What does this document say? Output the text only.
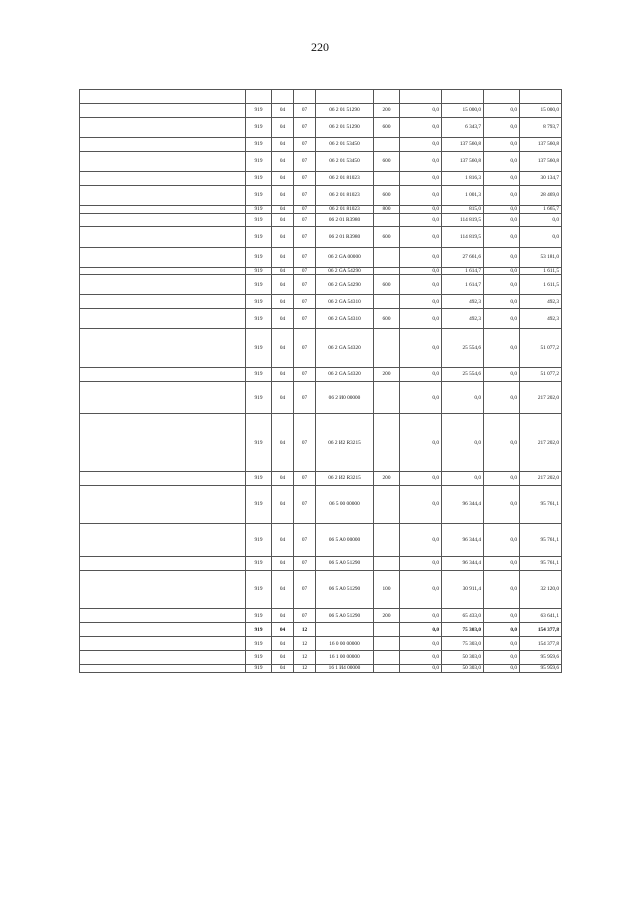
220

	919	04	07	06 2 01 51290	200	0,0	15 000,0	0,0	15 000,0
	919	04	07	06 2 01 51290	600	0,0	6 343,7	0,0	8 793,7
	919	04	07	06 2 01 53450		0,0	137 560,8	0,0	137 560,8
	919	04	07	06 2 01 53450	600	0,0	137 560,8	0,0	137 560,8
	919	04	07	06 2 01 81023		0,0	1 816,3	0,0	30 134,7
	919	04	07	06 2 01 81023	600	0,0	1 001,3	0,0	28 469,0
	919	04	07	06 2 01 81023	800	0,0	815,0	0,0	1 665,7
	919	04	07	06 2 01 R3980		0,0	114 819,5	0,0	0,0
	919	04	07	06 2 01 R3980	600	0,0	114 819,5	0,0	0,0
	919	04	07	06 2 GA 00000		0,0	27 661,6	0,0	53 181,0
	919	04	07	06 2 GA 54290		0,0	1 614,7	0,0	1 611,5
	919	04	07	06 2 GA 54290	600	0,0	1 614,7	0,0	1 611,5
	919	04	07	06 2 GA 54310		0,0	492,3	0,0	492,3
	919	04	07	06 2 GA 54310	600	0,0	492,3	0,0	492,3
	919	04	07	06 2 GA 54320		0,0	25 554,6	0,0	51 077,2
	919	04	07	06 2 GA 54320	200	0,0	25 554,6	0,0	51 077,2
	919	04	07	06 2 И0 00000		0,0	0,0	0,0	217 202,0
	919	04	07	06 2 И2 R3215		0,0	0,0	0,0	217 202,0
	919	04	07	06 2 И2 R3215	200	0,0	0,0	0,0	217 202,0
	919	04	07	06 5 00 00000		0,0	96 344,4	0,0	95 761,1
	919	04	07	06 5 A0 00000		0,0	96 344,4	0,0	95 761,1
	919	04	07	06 5 A0 51290		0,0	96 344,4	0,0	95 761,1
	919	04	07	06 5 A0 51290	100	0,0	30 911,4	0,0	32 120,0
	919	04	07	06 5 A0 51290	200	0,0	65 433,0	0,0	63 641,1
	919	04	12			0,0	75 303,0	0,0	154 377,8
	919	04	12	16 0 00 00000		0,0	75 303,0	0,0	154 377,8
	919	04	12	16 1 00 00000		0,0	50 303,0	0,0	95 959,6
	919	04	12	16 1 И4 00000		0,0	50 303,0	0,0	95 959,6
